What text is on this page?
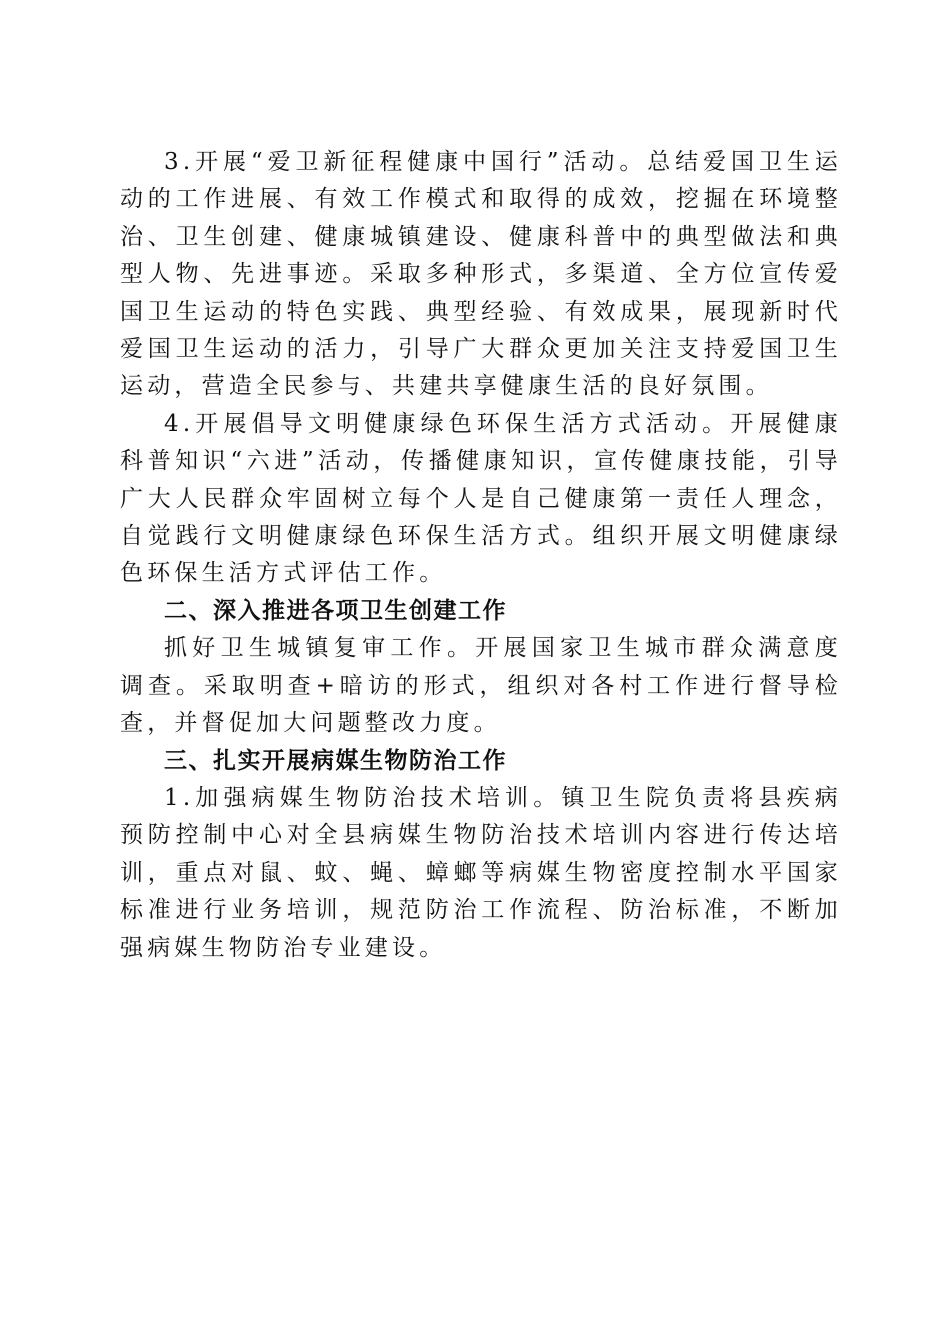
3.开展“爱卫新征程健康中国行”活动。总结爱国卫生运动的工作进展、有效工作模式和取得的成效，挖掘在环境整治、卫生创建、健康城镇建设、健康科普中的典型做法和典型人物、先进事迹。采取多种形式，多渠道、全方位宣传爱国卫生运动的特色实践、典型经验、有效成果，展现新时代爱国卫生运动的活力，引导广大群众更加关注支持爱国卫生运动，营造全民参与、共建共享健康生活的良好氛围。

4.开展倡导文明健康绿色环保生活方式活动。开展健康科普知识“六进”活动，传播健康知识，宣传健康技能，引导广大人民群众牢固树立每个人是自己健康第一责任人理念，自觉践行文明健康绿色环保生活方式。组织开展文明健康绿色环保生活方式评估工作。

二、深入推进各项卫生创建工作

抓好卫生城镇复审工作。开展国家卫生城市群众满意度调查。采取明查+暗访的形式，组织对各村工作进行督导检查，并督促加大问题整改力度。

三、扎实开展病媒生物防治工作

1.加强病媒生物防治技术培训。镇卫生院负责将县疾病预防控制中心对全县病媒生物防治技术培训内容进行传达培训，重点对鼠、蚊、蝇、蟑螂等病媒生物密度控制水平国家标准进行业务培训，规范防治工作流程、防治标准，不断加强病媒生物防治专业建设。
